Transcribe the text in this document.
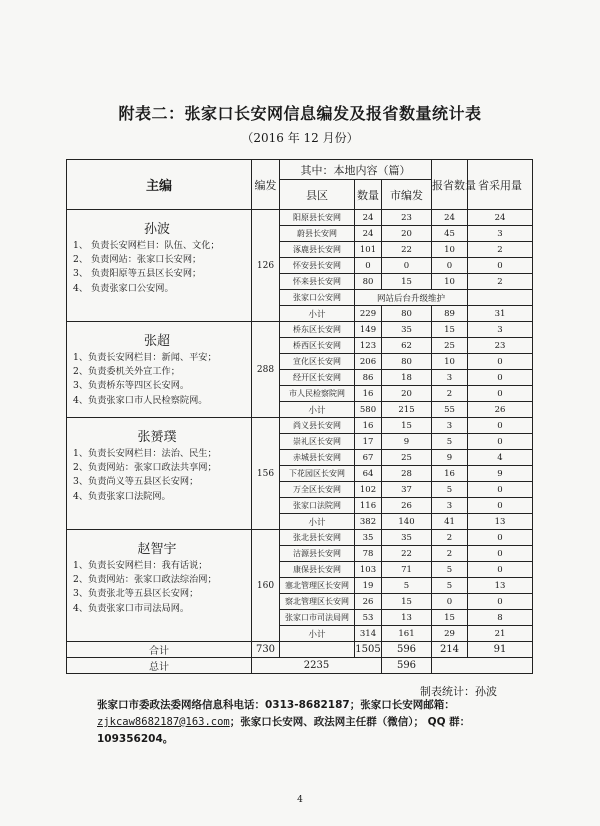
附表二：张家口长安网信息编发及报省数量统计表
（2016 年 12 月份）
主编	编发	其中：本地内容（篇）			报省数量	省采用量
		县区	数量	市编发		

孙波
1、 负责长安网栏目：队伍、文化；
2、 负责网站：张家口长安网；
3、 负责阳原等五县区长安网；
4、 负责张家口公安网。	126	阳原县长安网	24	23	24	24
		蔚县长安网	24	20	45	3
		涿鹿县长安网	101	22	10	2
		怀安县长安网	0	0	0	0
		怀来县长安网	80	15	10	2
		张家口公安网	网站后台升级维护			
		小计	229	80	89	31

张超
1、负责长安网栏目：新闻、平安；
2、负责委机关外宣工作；
3、负责桥东等四区长安网。
4、负责张家口市人民检察院网。	288	桥东区长安网	149	35	15	3
		桥西区长安网	123	62	25	23
		宣化区长安网	206	80	10	0
		经开区长安网	86	18	3	0
		市人民检察院网	16	20	2	0
		小计	580	215	55	26

张赟璞
1、负责长安网栏目：法治、民生；
2、负责网站：张家口政法共享网；
3、负责尚义等五县区长安网；
4、负责张家口法院网。	156	尚义县长安网	16	15	3	0
		崇礼区长安网	17	9	5	0
		赤城县长安网	67	25	9	4
		下花园区长安网	64	28	16	9
		万全区长安网	102	37	5	0
		张家口法院网	116	26	3	0
		小计	382	140	41	13

赵智宇
1、负责长安网栏目：我有话说；
2、负责网站：张家口政法综治网；
3、负责张北等五县区长安网；
4、负责张家口市司法局网。	160	张北县长安网	35	35	2	0
		沽源县长安网	78	22	2	0
		康保县长安网	103	71	5	0
		塞北管理区长安网	19	5	5	13
		察北管理区长安网	26	15	0	0
		张家口市司法局网	53	13	15	8
		小计	314	161	29	21
合计	730		1505	596	214	91
总计	2235			596		
制表统计：孙波
张家口市委政法委网络信息科电话：0313-8682187；张家口长安网邮箱：zjkcaw8682187@163.com；张家口长安网、政法网主任群（微信）； QQ 群：109356204。
4
